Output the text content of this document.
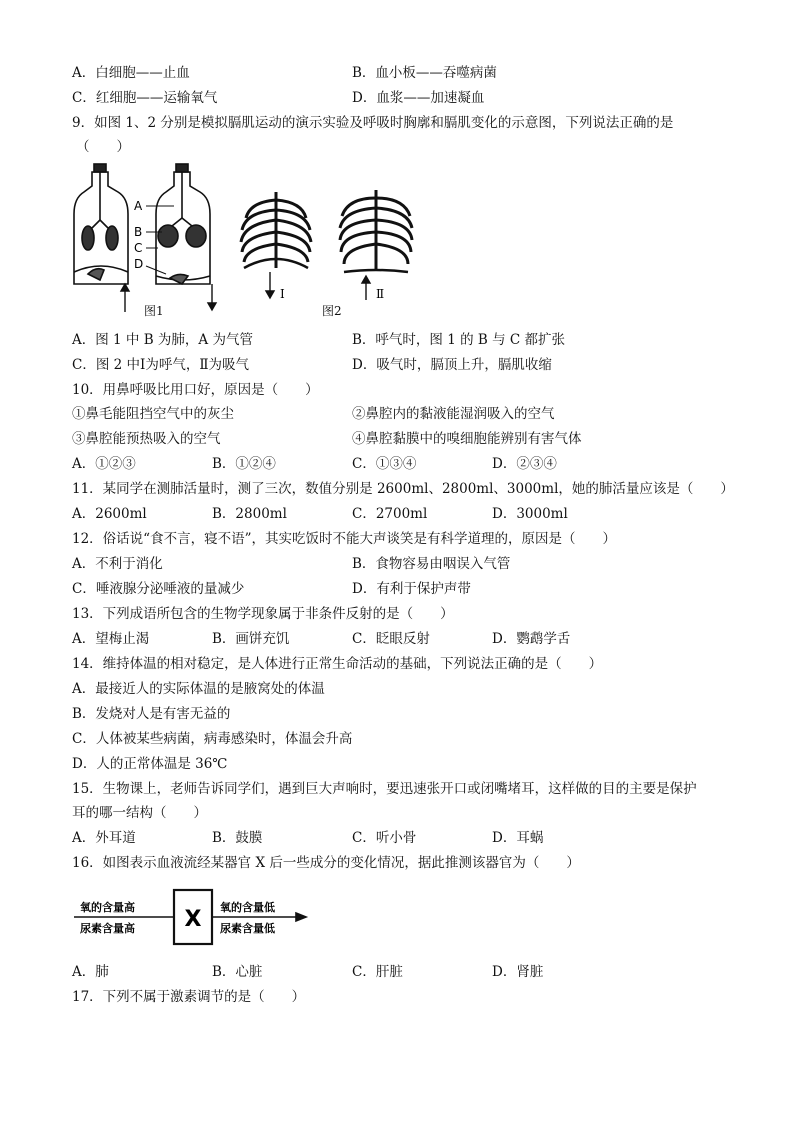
A．白细胞——止血	B．血小板——吞噬病菌
C．红细胞——运输氧气	D．血浆——加速凝血
9．如图 1、2 分别是模拟膈肌运动的演示实验及呼吸时胸廓和膈肌变化的示意图，下列说法正确的是
（　　）
A
B
C
D
图1
Ⅰ	Ⅱ
图2
A．图 1 中 B 为肺，A 为气管	B．呼气时，图 1 的 B 与 C 都扩张
C．图 2 中Ⅰ为呼气，Ⅱ为吸气	D．吸气时，膈顶上升，膈肌收缩
10．用鼻呼吸比用口好，原因是（　　）
①鼻毛能阻挡空气中的灰尘	②鼻腔内的黏液能湿润吸入的空气
③鼻腔能预热吸入的空气	④鼻腔黏膜中的嗅细胞能辨别有害气体
A．①②③	B．①②④	C．①③④	D．②③④
11．某同学在测肺活量时，测了三次，数值分别是 2600ml、2800ml、3000ml，她的肺活量应该是（　　）
A．2600ml	B．2800ml	C．2700ml	D．3000ml
12．俗话说“食不言，寝不语”，其实吃饭时不能大声谈笑是有科学道理的，原因是（　　）
A．不利于消化	B．食物容易由咽误入气管
C．唾液腺分泌唾液的量减少	D．有利于保护声带
13．下列成语所包含的生物学现象属于非条件反射的是（　　）
A．望梅止渴	B．画饼充饥	C．眨眼反射	D．鹦鹉学舌
14．维持体温的相对稳定，是人体进行正常生命活动的基础，下列说法正确的是（　　）
A．最接近人的实际体温的是腋窝处的体温
B．发烧对人是有害无益的
C．人体被某些病菌，病毒感染时，体温会升高
D．人的正常体温是 36℃
15．生物课上，老师告诉同学们，遇到巨大声响时，要迅速张开口或闭嘴堵耳，这样做的目的主要是保护
耳的哪一结构（　　）
A．外耳道	B．鼓膜	C．听小骨	D．耳蜗
16．如图表示血液流经某器官 X 后一些成分的变化情况，据此推测该器官为（　　）
X
氧的含量高
尿素含量高
氧的含量低
尿素含量低
A．肺	B．心脏	C．肝脏	D．肾脏
17．下列不属于激素调节的是（　　）
